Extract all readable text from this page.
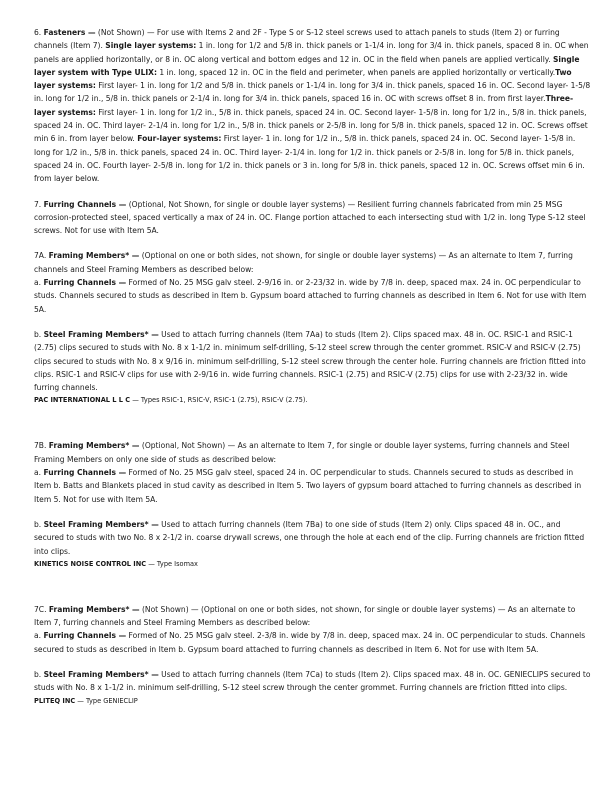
6. Fasteners — (Not Shown) — For use with Items 2 and 2F - Type S or S-12 steel screws used to attach panels to studs (Item 2) or furring channels (Item 7). Single layer systems: 1 in. long for 1/2 and 5/8 in. thick panels or 1-1/4 in. long for 3/4 in. thick panels, spaced 8 in. OC when panels are applied horizontally, or 8 in. OC along vertical and bottom edges and 12 in. OC in the field when panels are applied vertically. Single layer system with Type ULIX: 1 in. long, spaced 12 in. OC in the field and perimeter, when panels are applied horizontally or vertically.Two layer systems: First layer- 1 in. long for 1/2 and 5/8 in. thick panels or 1-1/4 in. long for 3/4 in. thick panels, spaced 16 in. OC. Second layer- 1-5/8 in. long for 1/2 in., 5/8 in. thick panels or 2-1/4 in. long for 3/4 in. thick panels, spaced 16 in. OC with screws offset 8 in. from first layer.Three-layer systems: First layer- 1 in. long for 1/2 in., 5/8 in. thick panels, spaced 24 in. OC. Second layer- 1-5/8 in. long for 1/2 in., 5/8 in. thick panels, spaced 24 in. OC. Third layer- 2-1/4 in. long for 1/2 in., 5/8 in. thick panels or 2-5/8 in. long for 5/8 in. thick panels, spaced 12 in. OC. Screws offset min 6 in. from layer below. Four-layer systems: First layer- 1 in. long for 1/2 in., 5/8 in. thick panels, spaced 24 in. OC. Second layer- 1-5/8 in. long for 1/2 in., 5/8 in. thick panels, spaced 24 in. OC. Third layer- 2-1/4 in. long for 1/2 in. thick panels or 2-5/8 in. long for 5/8 in. thick panels, spaced 24 in. OC. Fourth layer- 2-5/8 in. long for 1/2 in. thick panels or 3 in. long for 5/8 in. thick panels, spaced 12 in. OC. Screws offset min 6 in. from layer below.

7. Furring Channels — (Optional, Not Shown, for single or double layer systems) — Resilient furring channels fabricated from min 25 MSG corrosion-protected steel, spaced vertically a max of 24 in. OC. Flange portion attached to each intersecting stud with 1/2 in. long Type S-12 steel screws. Not for use with Item 5A.

7A. Framing Members* — (Optional on one or both sides, not shown, for single or double layer systems) — As an alternate to Item 7, furring channels and Steel Framing Members as described below:

a. Furring Channels — Formed of No. 25 MSG galv steel. 2-9/16 in. or 2-23/32 in. wide by 7/8 in. deep, spaced max. 24 in. OC perpendicular to studs. Channels secured to studs as described in Item b. Gypsum board attached to furring channels as described in Item 6. Not for use with Item 5A.

b. Steel Framing Members* — Used to attach furring channels (Item 7Aa) to studs (Item 2). Clips spaced max. 48 in. OC. RSIC-1 and RSIC-1 (2.75) clips secured to studs with No. 8 x 1-1/2 in. minimum self-drilling, S-12 steel screw through the center grommet. RSIC-V and RSIC-V (2.75) clips secured to studs with No. 8 x 9/16 in. minimum self-drilling, S-12 steel screw through the center hole. Furring channels are friction fitted into clips. RSIC-1 and RSIC-V clips for use with 2-9/16 in. wide furring channels. RSIC-1 (2.75) and RSIC-V (2.75) clips for use with 2-23/32 in. wide furring channels.

PAC INTERNATIONAL L L C — Types RSIC-1, RSIC-V, RSIC-1 (2.75), RSIC-V (2.75).

7B. Framing Members* — (Optional, Not Shown) — As an alternate to Item 7, for single or double layer systems, furring channels and Steel Framing Members on only one side of studs as described below:

a. Furring Channels — Formed of No. 25 MSG galv steel, spaced 24 in. OC perpendicular to studs. Channels secured to studs as described in Item b. Batts and Blankets placed in stud cavity as described in Item 5. Two layers of gypsum board attached to furring channels as described in Item 5. Not for use with Item 5A.

b. Steel Framing Members* — Used to attach furring channels (Item 7Ba) to one side of studs (Item 2) only. Clips spaced 48 in. OC., and secured to studs with two No. 8 x 2-1/2 in. coarse drywall screws, one through the hole at each end of the clip. Furring channels are friction fitted into clips.

KINETICS NOISE CONTROL INC — Type Isomax

7C. Framing Members* — (Not Shown) — (Optional on one or both sides, not shown, for single or double layer systems) — As an alternate to Item 7, furring channels and Steel Framing Members as described below:

a. Furring Channels — Formed of No. 25 MSG galv steel. 2-3/8 in. wide by 7/8 in. deep, spaced max. 24 in. OC perpendicular to studs. Channels secured to studs as described in Item b. Gypsum board attached to furring channels as described in Item 6. Not for use with Item 5A.

b. Steel Framing Members* — Used to attach furring channels (Item 7Ca) to studs (Item 2). Clips spaced max. 48 in. OC. GENIECLIPS secured to studs with No. 8 x 1-1/2 in. minimum self-drilling, S-12 steel screw through the center grommet. Furring channels are friction fitted into clips.

PLITEQ INC — Type GENIECLIP
